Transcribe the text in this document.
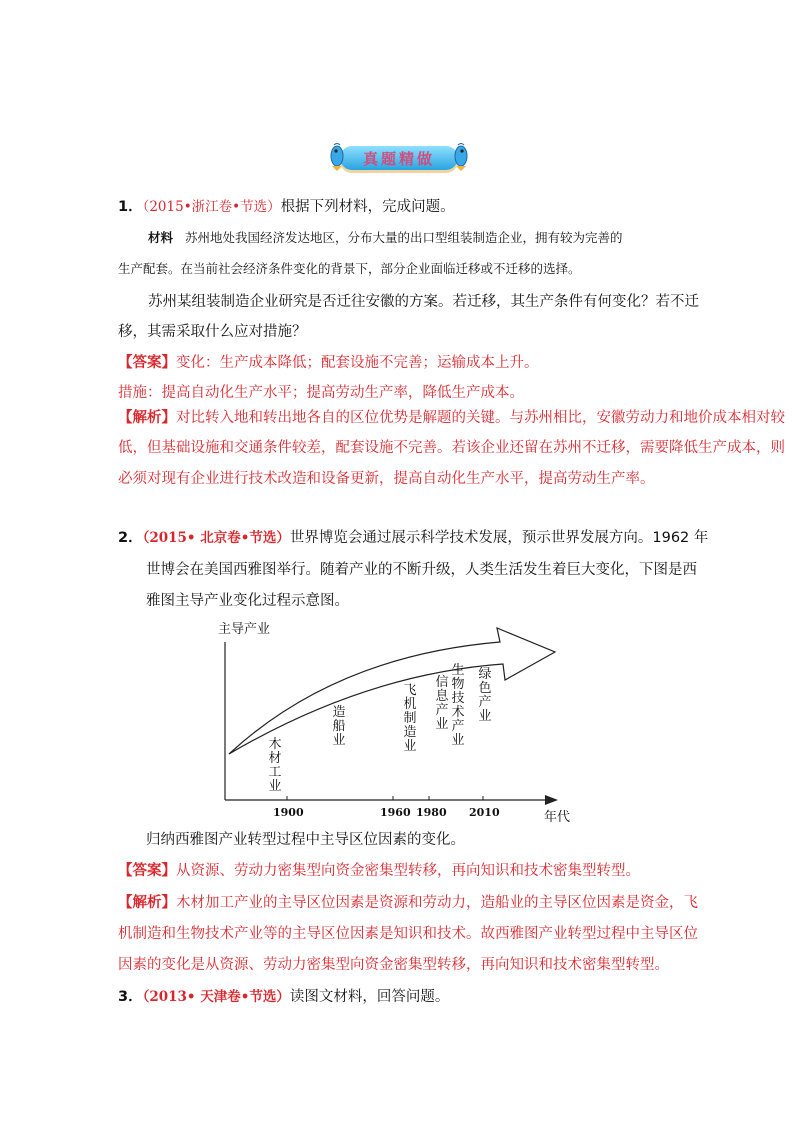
真题精做
1．（2015•浙江卷•节选）根据下列材料，完成问题。
材料 苏州地处我国经济发达地区，分布大量的出口型组装制造企业，拥有较为完善的
生产配套。在当前社会经济条件变化的背景下，部分企业面临迁移或不迁移的选择。
苏州某组装制造企业研究是否迁往安徽的方案。若迁移，其生产条件有何变化？若不迁
移，其需采取什么应对措施？
【答案】变化：生产成本降低；配套设施不完善；运输成本上升。
措施：提高自动化生产水平；提高劳动生产率，降低生产成本。
【解析】对比转入地和转出地各自的区位优势是解题的关键。与苏州相比，安徽劳动力和地价成本相对较
低，但基础设施和交通条件较差，配套设施不完善。若该企业还留在苏州不迁移，需要降低生产成本，则
必须对现有企业进行技术改造和设备更新，提高自动化生产水平，提高劳动生产率。
2．（2015• 北京卷•节选）世界博览会通过展示科学技术发展，预示世界发展方向。1962 年
世博会在美国西雅图举行。随着产业的不断升级，人类生活发生着巨大变化，下图是西
雅图主导产业变化过程示意图。
主导产业
年代
1900	1960 1980 2010
木材工业
造船业
飞机制造业
信息产业
生物技术产业
绿色产业
归纳西雅图产业转型过程中主导区位因素的变化。
【答案】从资源、劳动力密集型向资金密集型转移，再向知识和技术密集型转型。
【解析】木材加工产业的主导区位因素是资源和劳动力，造船业的主导区位因素是资金，飞
机制造和生物技术产业等的主导区位因素是知识和技术。故西雅图产业转型过程中主导区位
因素的变化是从资源、劳动力密集型向资金密集型转移，再向知识和技术密集型转型。
3．（2013• 天津卷•节选）读图文材料，回答问题。
